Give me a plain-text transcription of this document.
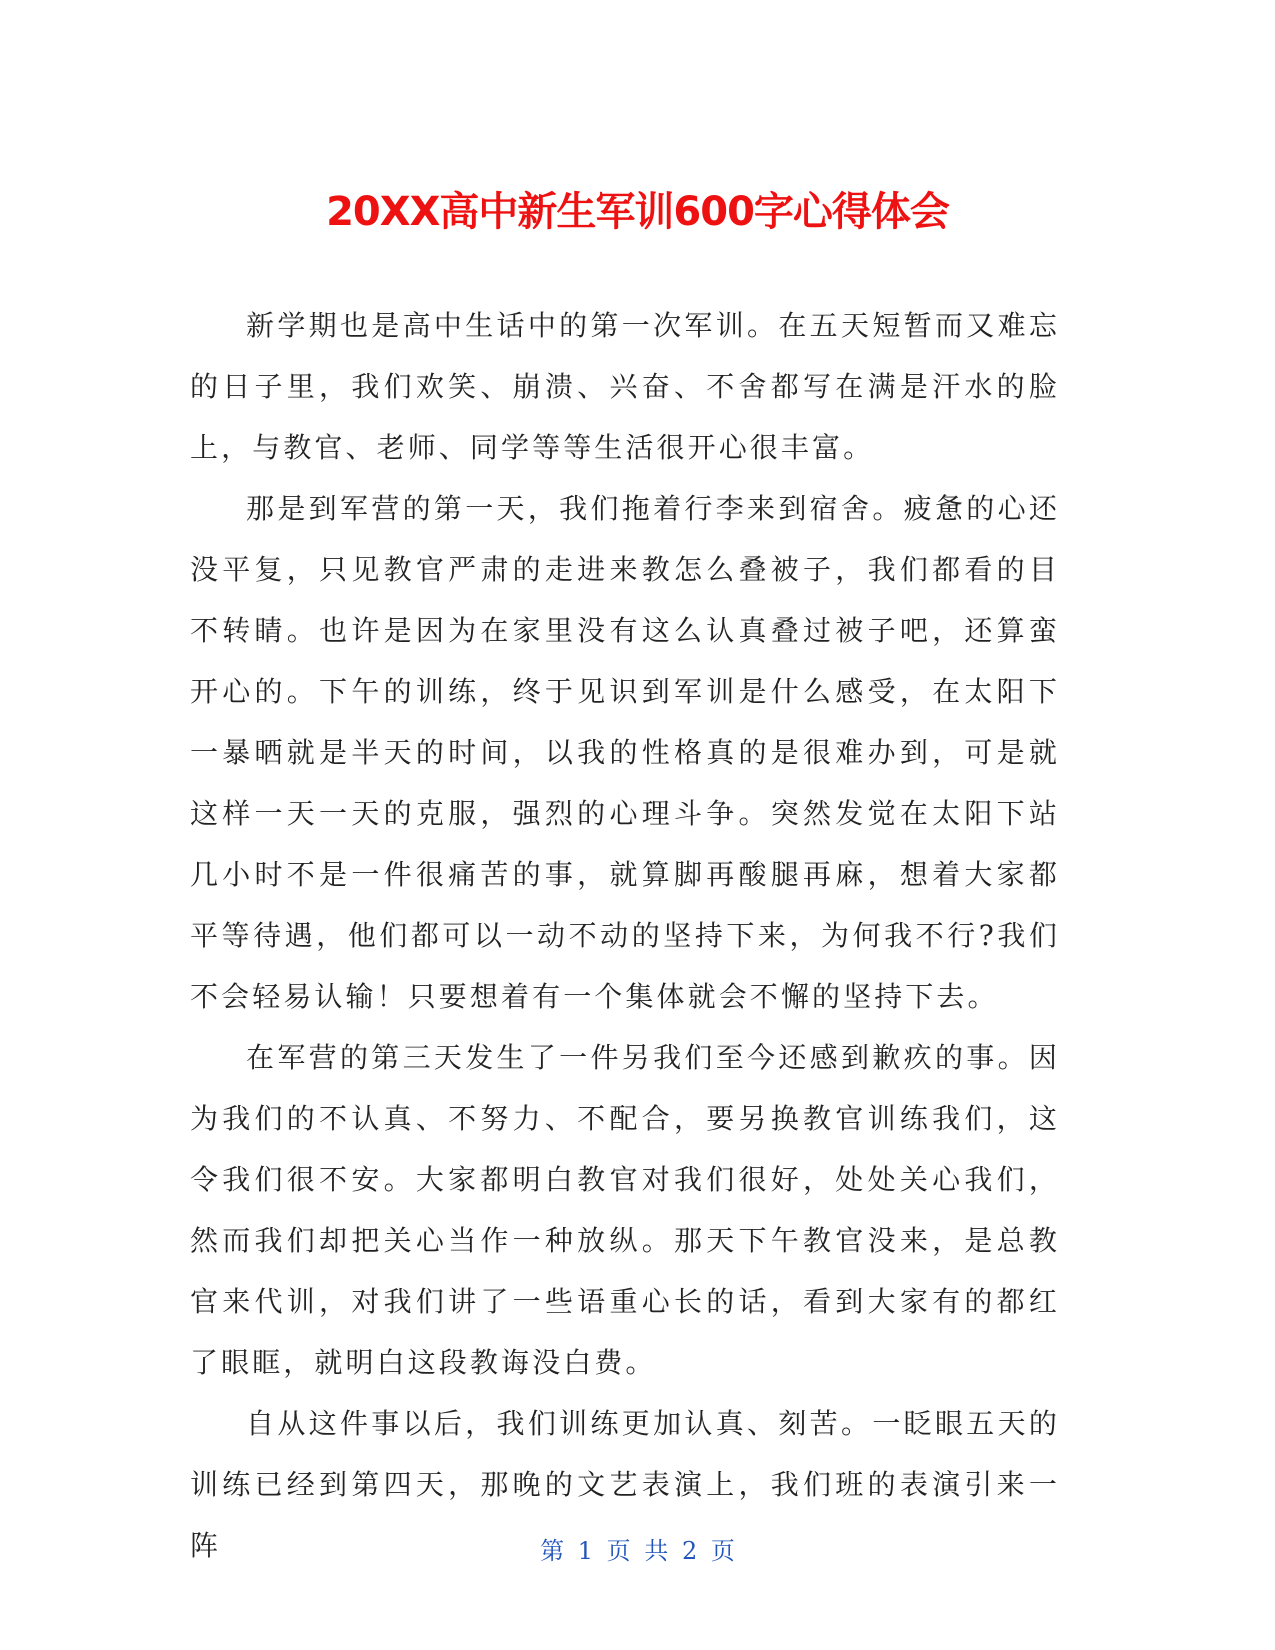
20XX高中新生军训600字心得体会

新学期也是高中生话中的第一次军训。在五天短暂而又难忘的日子里，我们欢笑、崩溃、兴奋、不舍都写在满是汗水的脸上，与教官、老师、同学等等生活很开心很丰富。

那是到军营的第一天，我们拖着行李来到宿舍。疲惫的心还没平复，只见教官严肃的走进来教怎么叠被子，我们都看的目不转睛。也许是因为在家里没有这么认真叠过被子吧，还算蛮开心的。下午的训练，终于见识到军训是什么感受，在太阳下一暴晒就是半天的时间，以我的性格真的是很难办到，可是就这样一天一天的克服，强烈的心理斗争。突然发觉在太阳下站几小时不是一件很痛苦的事，就算脚再酸腿再麻，想着大家都平等待遇，他们都可以一动不动的坚持下来，为何我不行?我们不会轻易认输！只要想着有一个集体就会不懈的坚持下去。

在军营的第三天发生了一件另我们至今还感到歉疚的事。因为我们的不认真、不努力、不配合，要另换教官训练我们，这令我们很不安。大家都明白教官对我们很好，处处关心我们，然而我们却把关心当作一种放纵。那天下午教官没来，是总教官来代训，对我们讲了一些语重心长的话，看到大家有的都红了眼眶，就明白这段教诲没白费。

自从这件事以后，我们训练更加认真、刻苦。一眨眼五天的训练已经到第四天，那晚的文艺表演上，我们班的表演引来一阵	第 1 页 共 2 页
